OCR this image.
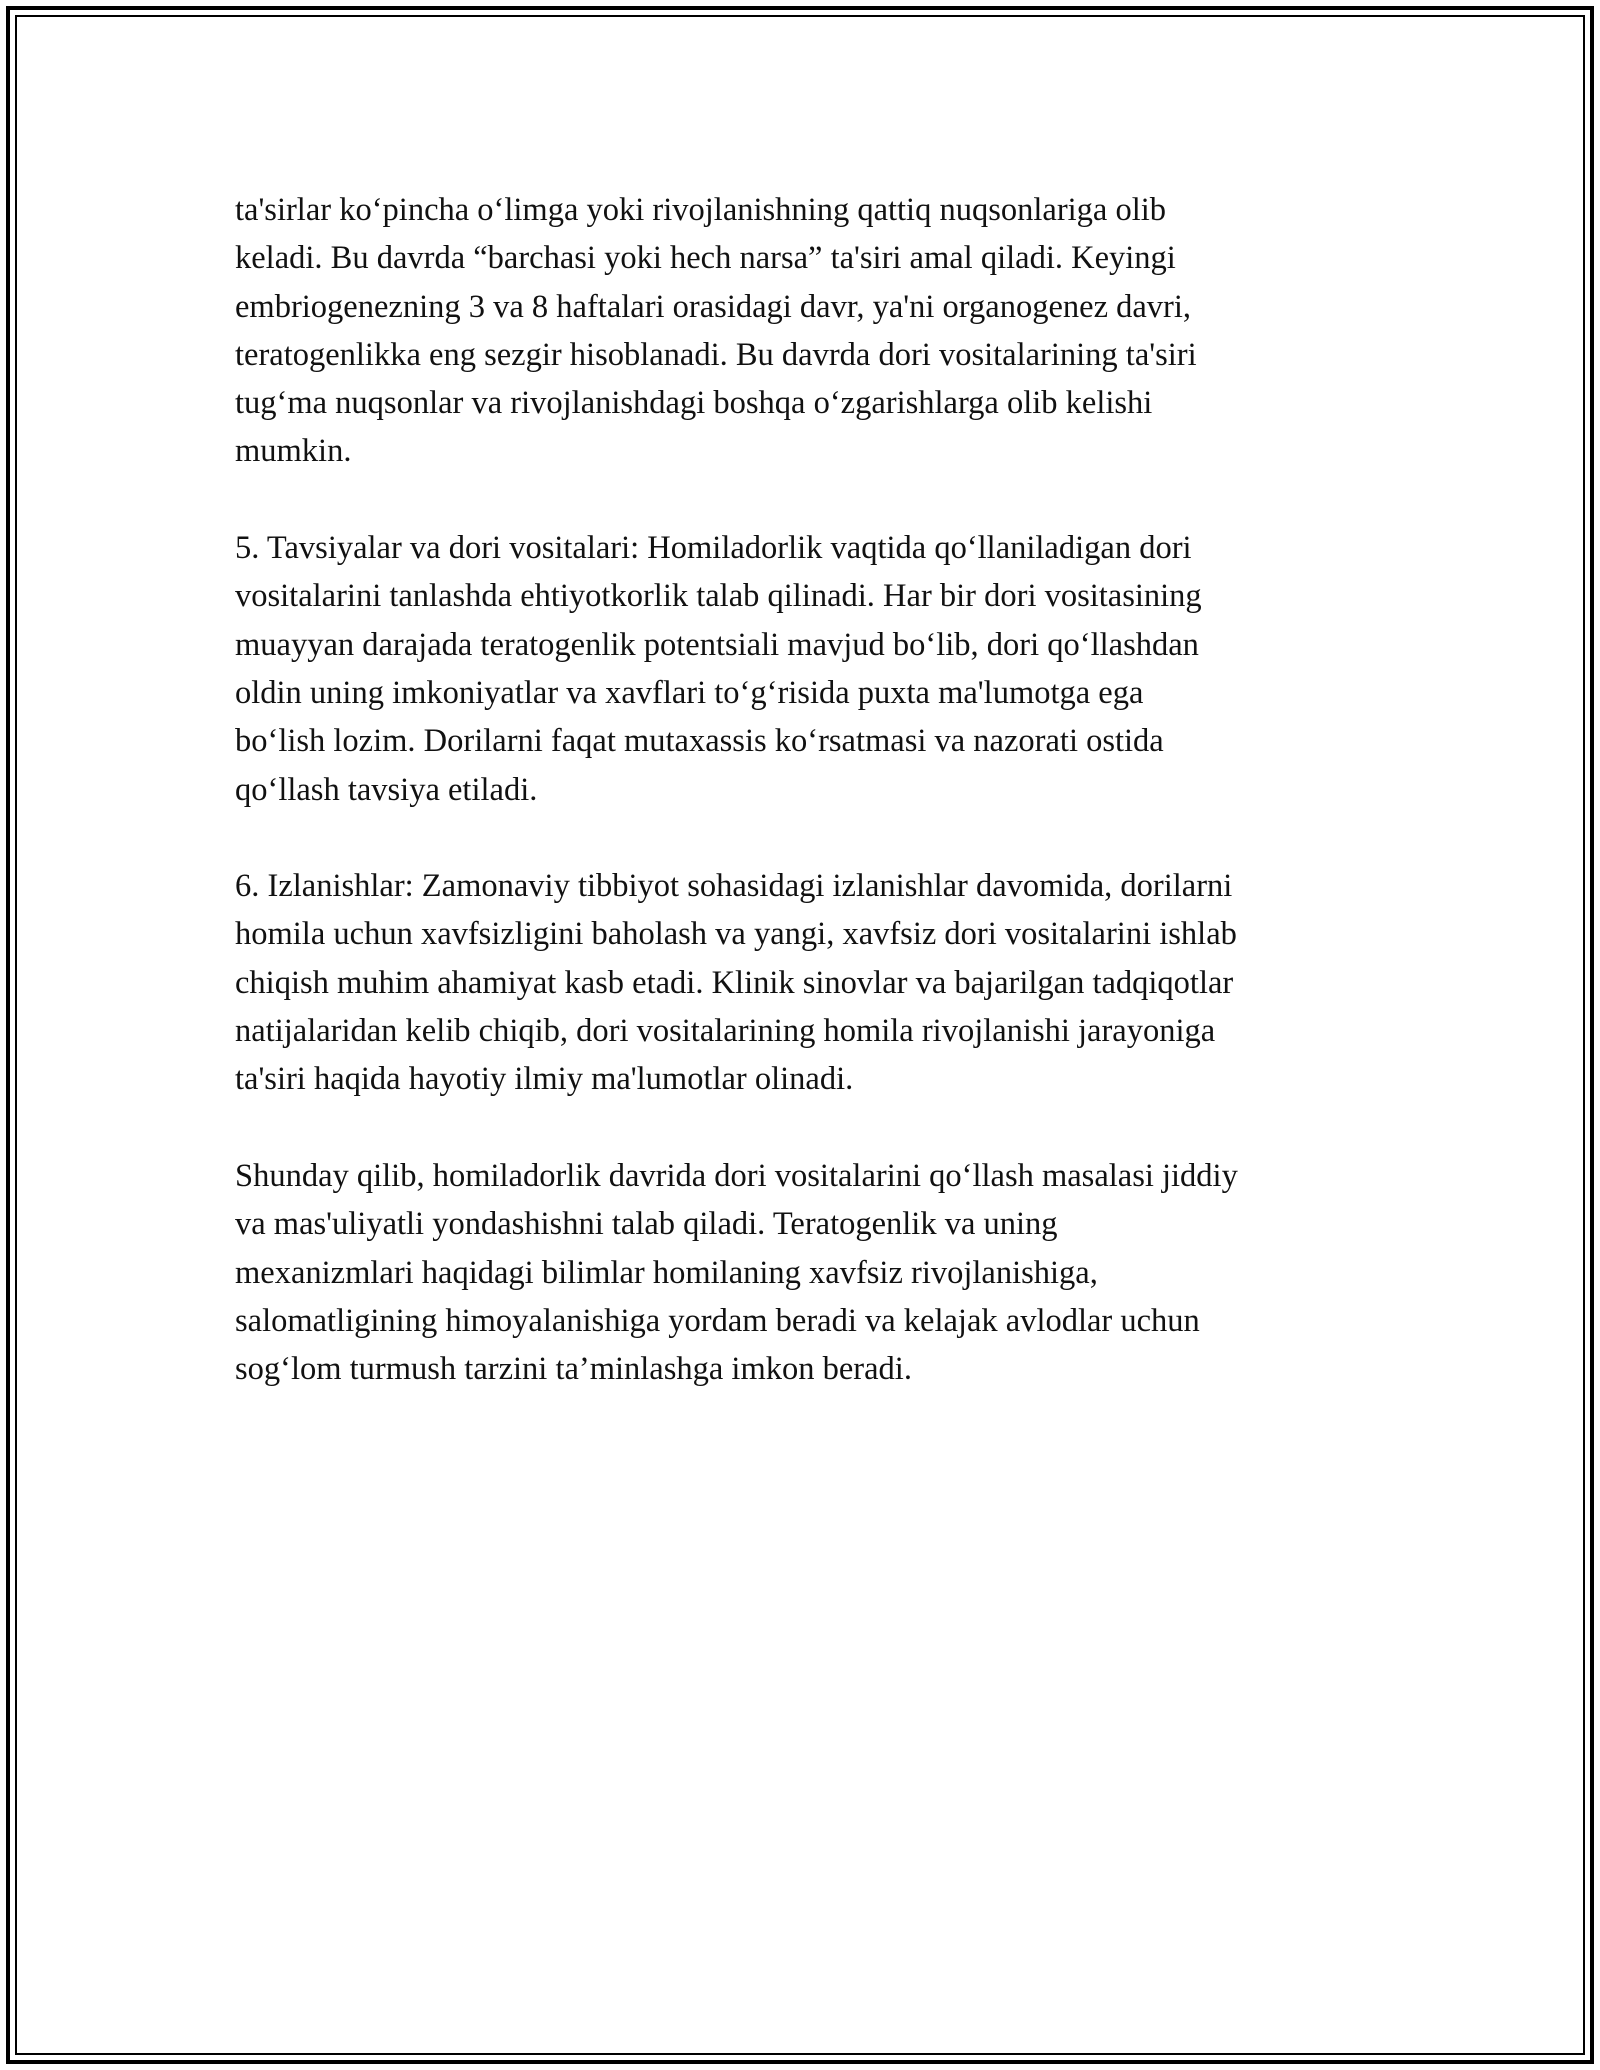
ta'sirlar ko‘pincha o‘limga yoki rivojlanishning qattiq nuqsonlariga olib
keladi. Bu davrda “barchasi yoki hech narsa” ta'siri amal qiladi. Keyingi
embriogenezning 3 va 8 haftalari orasidagi davr, ya'ni organogenez davri,
teratogenlikka eng sezgir hisoblanadi. Bu davrda dori vositalarining ta'siri
tug‘ma nuqsonlar va rivojlanishdagi boshqa o‘zgarishlarga olib kelishi
mumkin.

5. Tavsiyalar va dori vositalari: Homiladorlik vaqtida qo‘llaniladigan dori
vositalarini tanlashda ehtiyotkorlik talab qilinadi. Har bir dori vositasining
muayyan darajada teratogenlik potentsiali mavjud bo‘lib, dori qo‘llashdan
oldin uning imkoniyatlar va xavflari to‘g‘risida puxta ma'lumotga ega
bo‘lish lozim. Dorilarni faqat mutaxassis ko‘rsatmasi va nazorati ostida
qo‘llash tavsiya etiladi.

6. Izlanishlar: Zamonaviy tibbiyot sohasidagi izlanishlar davomida, dorilarni
homila uchun xavfsizligini baholash va yangi, xavfsiz dori vositalarini ishlab
chiqish muhim ahamiyat kasb etadi. Klinik sinovlar va bajarilgan tadqiqotlar
natijalaridan kelib chiqib, dori vositalarining homila rivojlanishi jarayoniga
ta'siri haqida hayotiy ilmiy ma'lumotlar olinadi.

Shunday qilib, homiladorlik davrida dori vositalarini qo‘llash masalasi jiddiy
va mas'uliyatli yondashishni talab qiladi. Teratogenlik va uning
mexanizmlari haqidagi bilimlar homilaning xavfsiz rivojlanishiga,
salomatligining himoyalanishiga yordam beradi va kelajak avlodlar uchun
sog‘lom turmush tarzini ta’minlashga imkon beradi.
